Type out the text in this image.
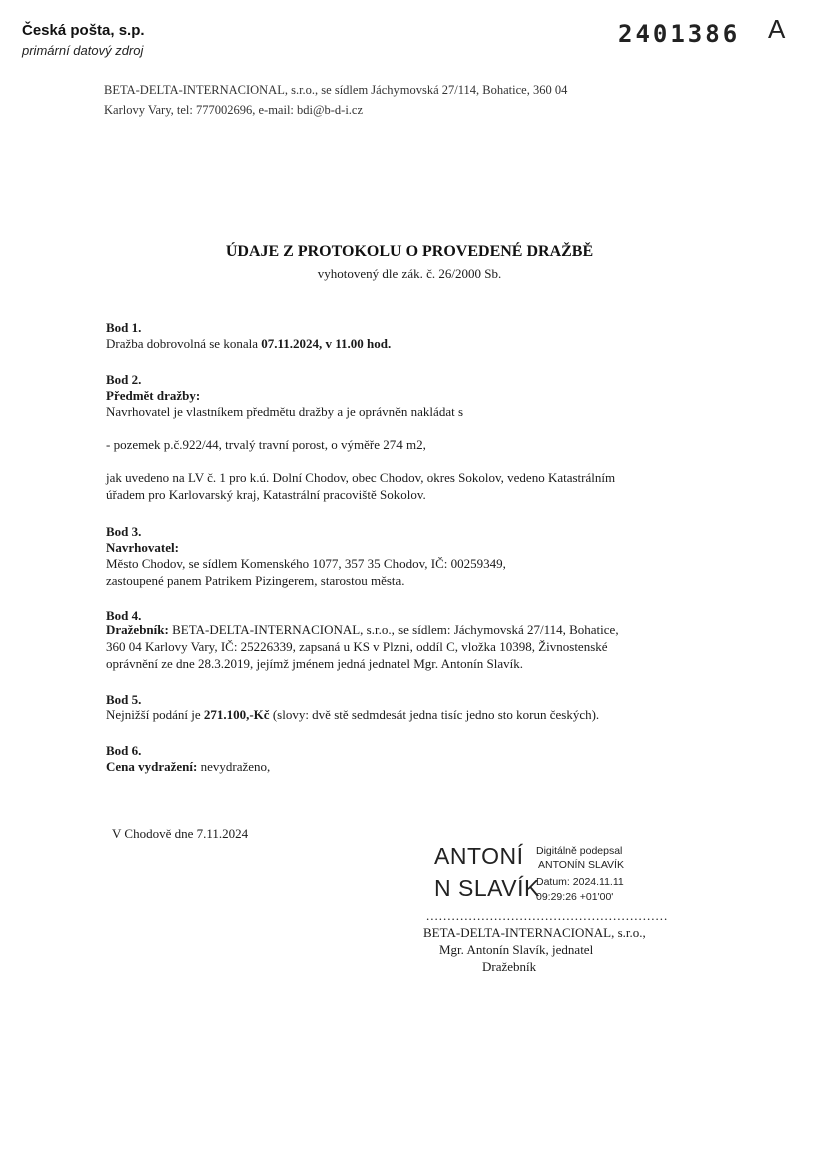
Česká pošta, s.p.
primární datový zdroj
2401386 A
BETA-DELTA-INTERNACIONAL, s.r.o., se sídlem Jáchymovská 27/114, Bohatice, 360 04
Karlovy Vary, tel: 777002696, e-mail: bdi@b-d-i.cz
ÚDAJE Z PROTOKOLU O PROVEDENÉ DRAŽBĚ
vyhotovený dle zák. č. 26/2000 Sb.
Bod 1.
Dražba dobrovolná se konala 07.11.2024, v 11.00 hod.
Bod 2.
Předmět dražby:
Navrhovatel je vlastníkem předmětu dražby a je oprávněn nakládat s
- pozemek p.č.922/44, trvalý travní porost, o výměře 274 m2,
jak uvedeno na LV č. 1 pro k.ú. Dolní Chodov, obec Chodov, okres Sokolov, vedeno Katastrálním
úřadem pro Karlovarský kraj, Katastrální pracoviště Sokolov.
Bod 3.
Navrhovatel:
Město Chodov, se sídlem Komenského 1077, 357 35 Chodov, IČ: 00259349,
zastoupené panem Patrikem Pizingerem, starostou města.
Bod 4.
Dražebník: BETA-DELTA-INTERNACIONAL, s.r.o., se sídlem: Jáchymovská 27/114, Bohatice,
360 04 Karlovy Vary, IČ: 25226339, zapsaná u KS v Plzni, oddíl C, vložka 10398, Živnostenské
oprávnění ze dne 28.3.2019, jejímž jménem jedná jednatel Mgr. Antonín Slavík.
Bod 5.
Nejnižší podání je 271.100,-Kč (slovy: dvě stě sedmdesát jedna tisíc jedno sto korun českých).
Bod 6.
Cena vydražení: nevydraženo,
V Chodově dne 7.11.2024
ANTONÍ
N SLAVÍK
Digitálně podepsal
ANTONÍN SLAVÍK
Datum: 2024.11.11
09:29:26 +01'00'
.........................................................
BETA-DELTA-INTERNACIONAL, s.r.o.,
Mgr. Antonín Slavík, jednatel
Dražebník
